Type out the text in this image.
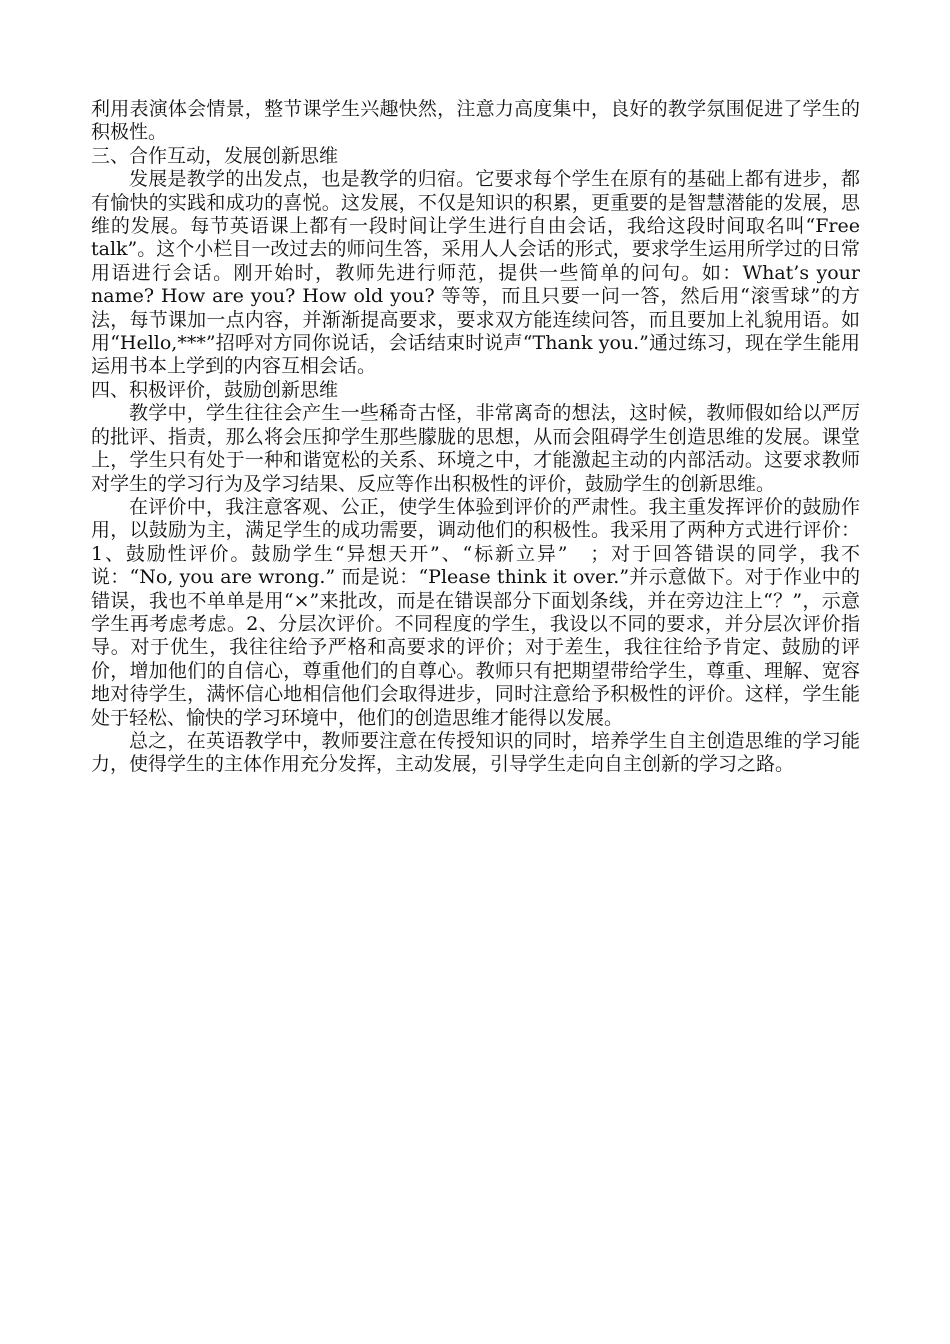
利用表演体会情景，整节课学生兴趣快然，注意力高度集中，良好的教学氛围促进了学生的积极性。

三、合作互动，发展创新思维

发展是教学的出发点，也是教学的归宿。它要求每个学生在原有的基础上都有进步，都有愉快的实践和成功的喜悦。这发展，不仅是知识的积累，更重要的是智慧潜能的发展，思维的发展。每节英语课上都有一段时间让学生进行自由会话，我给这段时间取名叫“Free talk”。这个小栏目一改过去的师问生答，采用人人会话的形式，要求学生运用所学过的日常用语进行会话。刚开始时，教师先进行师范，提供一些简单的问句。如：What’s your name? How are you? How old you? 等等，而且只要一问一答，然后用“滚雪球”的方法，每节课加一点内容，并渐渐提高要求，要求双方能连续问答，而且要加上礼貌用语。如用“Hello,***”招呼对方同你说话，会话结束时说声“Thank you.”通过练习，现在学生能用运用书本上学到的内容互相会话。

四、积极评价，鼓励创新思维

教学中，学生往往会产生一些稀奇古怪，非常离奇的想法，这时候，教师假如给以严厉的批评、指责，那么将会压抑学生那些朦胧的思想，从而会阻碍学生创造思维的发展。课堂上，学生只有处于一种和谐宽松的关系、环境之中，才能激起主动的内部活动。这要求教师对学生的学习行为及学习结果、反应等作出积极性的评价，鼓励学生的创新思维。

在评价中，我注意客观、公正，使学生体验到评价的严肃性。我主重发挥评价的鼓励作用，以鼓励为主，满足学生的成功需要，调动他们的积极性。我采用了两种方式进行评价：1、鼓励性评价。鼓励学生“异想天开”、“标新立异”　；对于回答错误的同学，我不说：“No, you are wrong.” 而是说：“Please think it over.”并示意做下。对于作业中的错误，我也不单单是用“×”来批改，而是在错误部分下面划条线，并在旁边注上“？”，示意学生再考虑考虑。2、分层次评价。不同程度的学生，我设以不同的要求，并分层次评价指导。对于优生，我往往给予严格和高要求的评价；对于差生，我往往给予肯定、鼓励的评价，增加他们的自信心，尊重他们的自尊心。教师只有把期望带给学生，尊重、理解、宽容地对待学生，满怀信心地相信他们会取得进步，同时注意给予积极性的评价。这样，学生能处于轻松、愉快的学习环境中，他们的创造思维才能得以发展。

总之，在英语教学中，教师要注意在传授知识的同时，培养学生自主创造思维的学习能力，使得学生的主体作用充分发挥，主动发展，引导学生走向自主创新的学习之路。
